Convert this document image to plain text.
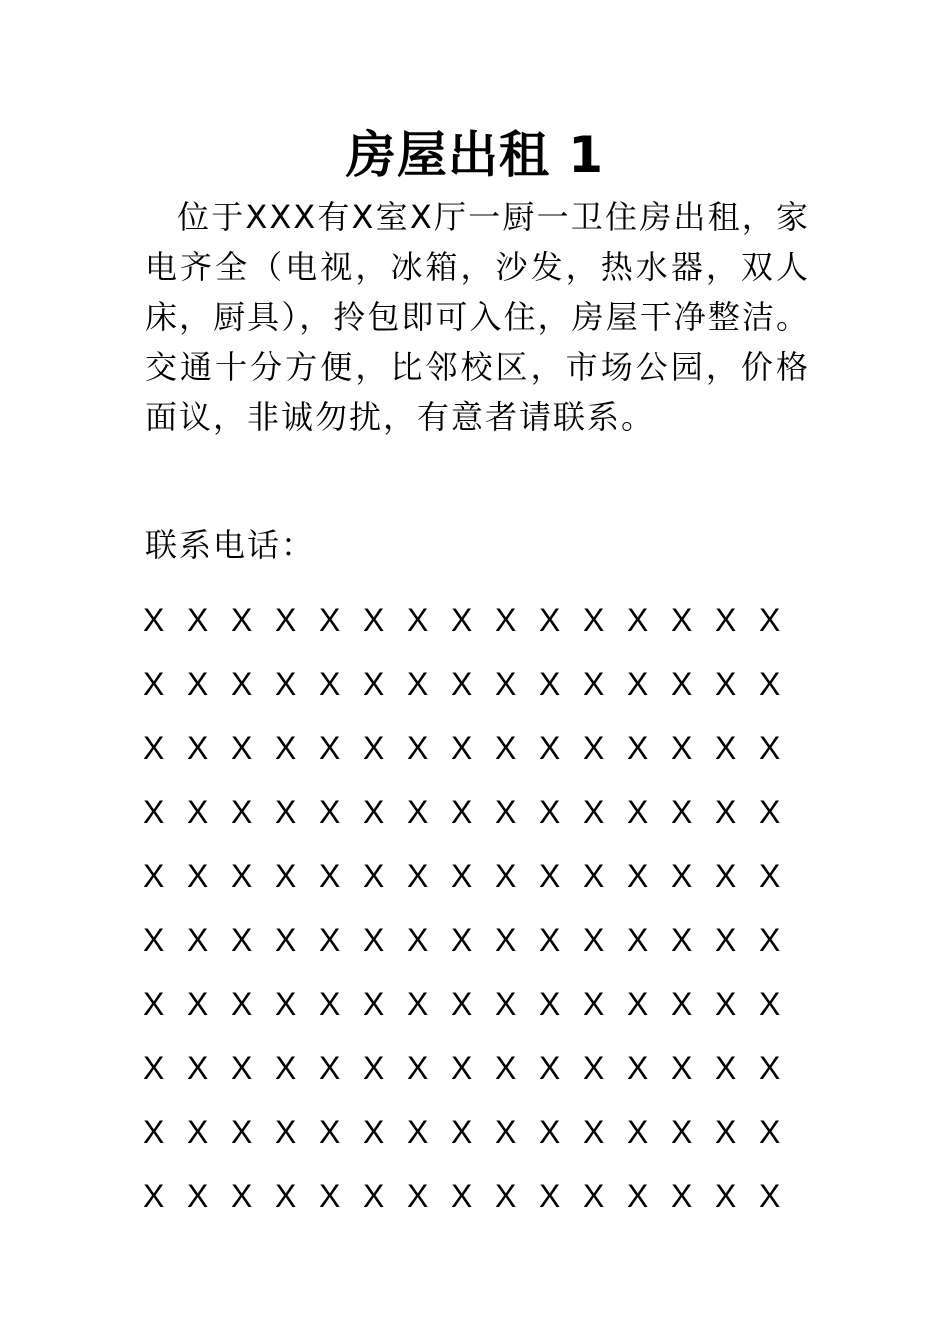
房屋出租 1
位于XXX有X室X厅一厨一卫住房出租，家电齐全（电视，冰箱，沙发，热水器，双人床，厨具），拎包即可入住，房屋干净整洁。交通十分方便，比邻校区，市场公园，价格面议，非诚勿扰，有意者请联系。
联系电话：
X X X X X X X X X X X X X X X
X X X X X X X X X X X X X X X
X X X X X X X X X X X X X X X
X X X X X X X X X X X X X X X
X X X X X X X X X X X X X X X
X X X X X X X X X X X X X X X
X X X X X X X X X X X X X X X
X X X X X X X X X X X X X X X
X X X X X X X X X X X X X X X
X X X X X X X X X X X X X X X
